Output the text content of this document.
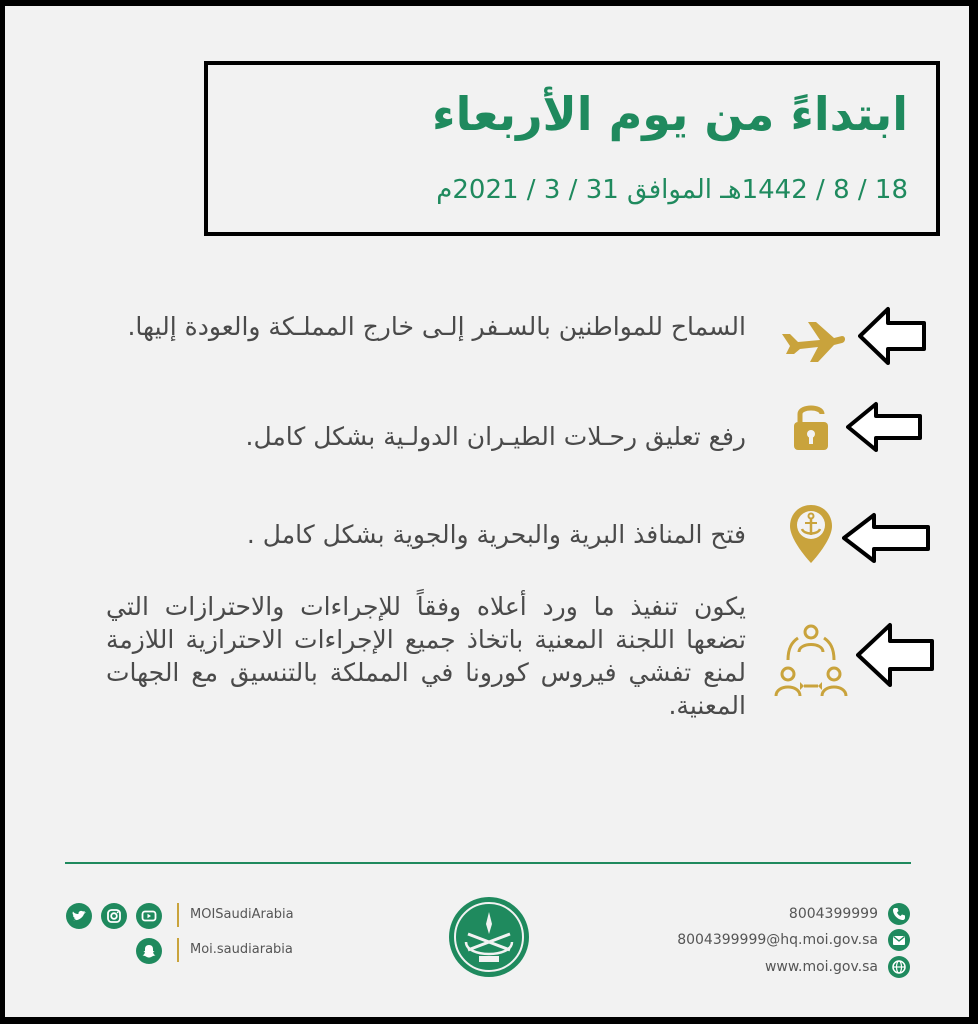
ابتداءً من يوم الأربعاء
18 / 8 / 1442هـ الموافق 31 / 3 / 2021م
السماح للمواطنين بالسـفر إلـى خارج المملـكة والعودة إليها.
رفع تعليق رحـلات الطيـران الدولـية بشكل كامل.
فتح المنافذ البرية والبحرية والجوية بشكل كامل .
يكون تنفيذ ما ورد أعلاه وفقاً للإجراءات والاحترازات التي تضعها اللجنة المعنية باتخاذ جميع الإجراءات الاحترازية اللازمة لمنع تفشي فيروس كورونا في المملكة بالتنسيق مع الجهات المعنية.
MOISaudiArabia
Moi.saudiarabia
8004399999
8004399999@hq.moi.gov.sa
www.moi.gov.sa
